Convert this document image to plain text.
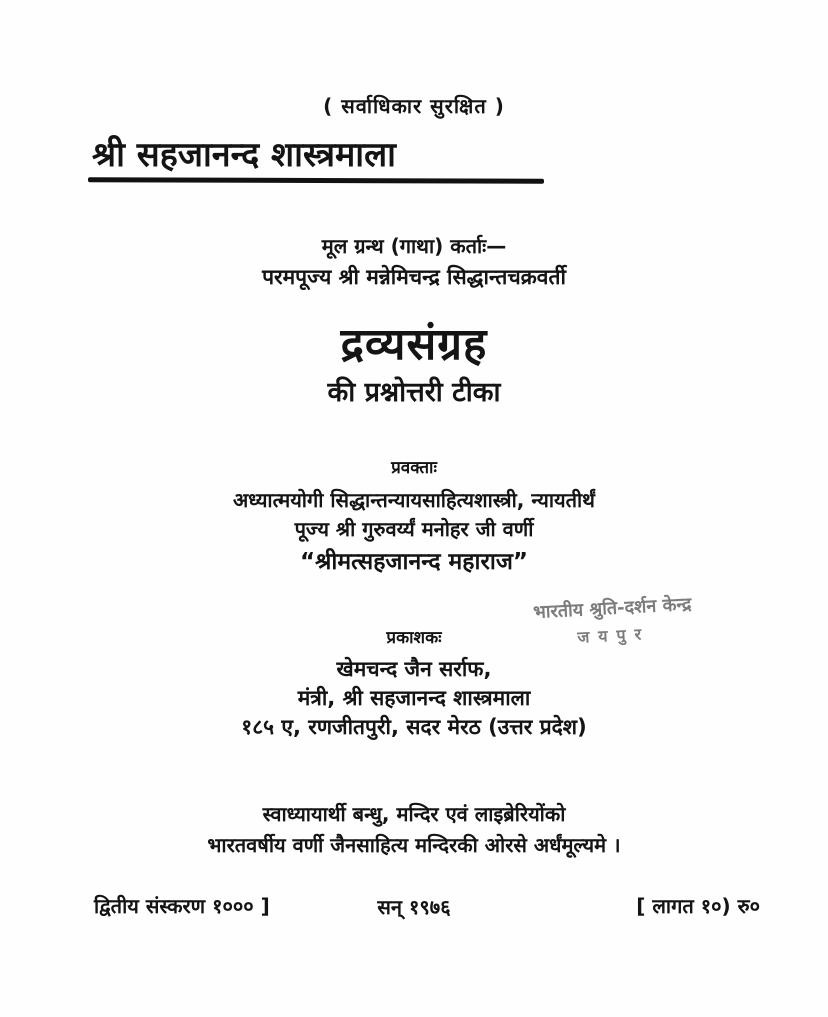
( सर्वाधिकार सुरक्षित )
श्री सहजानन्द शास्त्रमाला
मूल ग्रन्थ (गाथा) कर्ताः—
परमपूज्य श्री मन्नेमिचन्द्र सिद्धान्तचक्रवर्ती
द्रव्यसंग्रह
की प्रश्नोत्तरी टीका
प्रवक्ताः
अध्यात्मयोगी सिद्धान्तन्यायसाहित्यशास्त्री, न्यायतीर्थं
पूज्य श्री गुरुवर्य्यं मनोहर जी वर्णी
“श्रीमत्सहजानन्द महाराज”
भारतीय श्रुति-दर्शन केन्द्र
जयपुर
प्रकाशकः
खेमचन्द जैन सर्राफ,
मंत्री, श्री सहजानन्द शास्त्रमाला
१८५ ए, रणजीतपुरी, सदर मेरठ (उत्तर प्रदेश)
स्वाध्यायार्थी बन्धु, मन्दिर एवं लाइब्रेरियोंको
भारतवर्षीय वर्णी जैनसाहित्य मन्दिरकी ओरसे अर्धंमूल्यमे ।
द्वितीय संस्करण १००० ]	सन् १९७६	[ लागत १०) रु०
